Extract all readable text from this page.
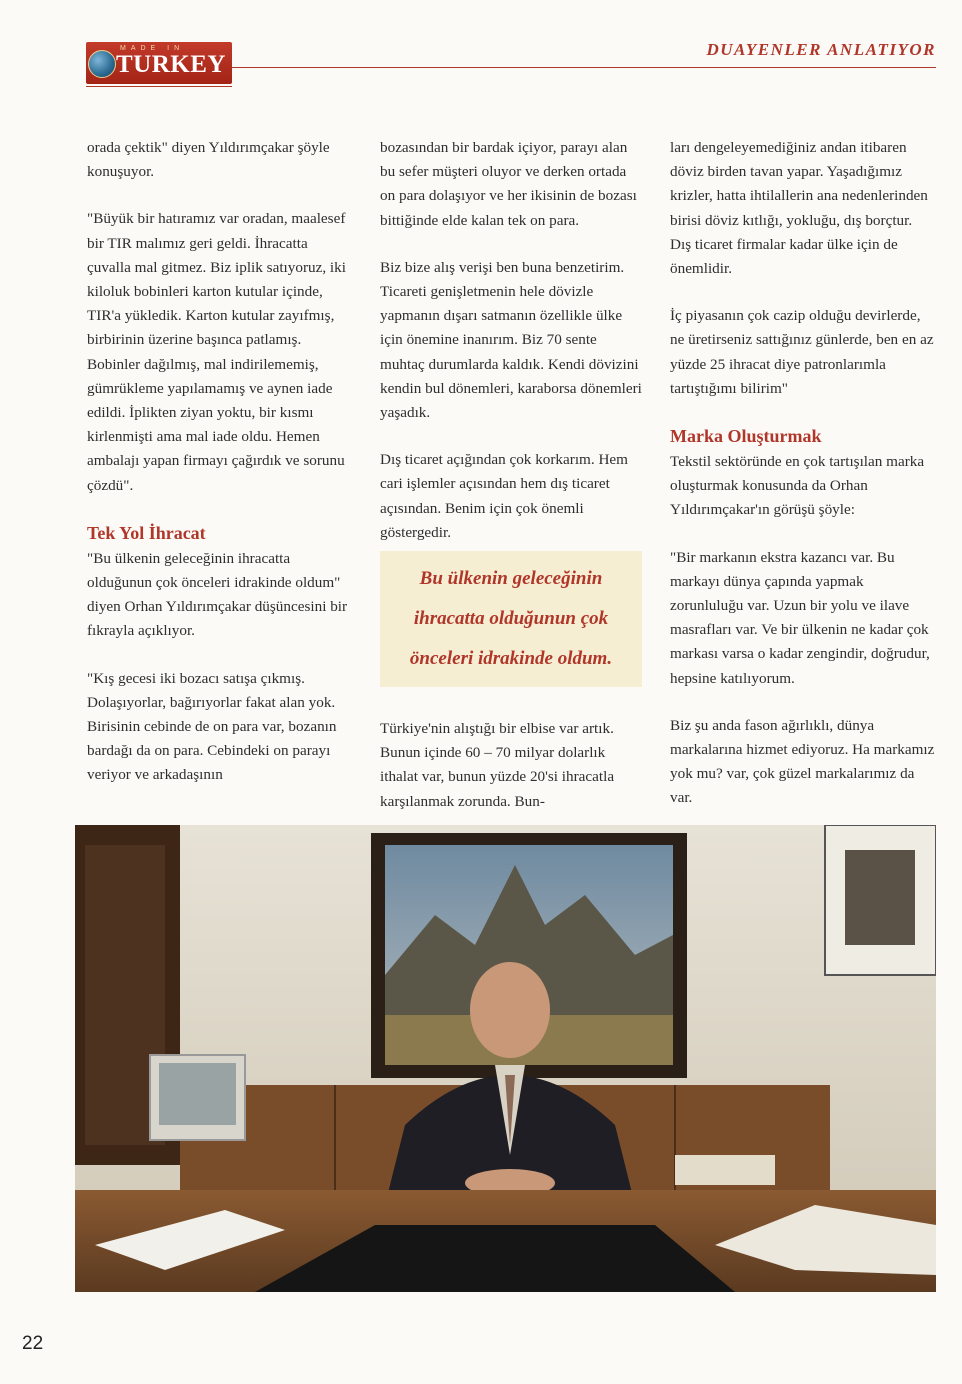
MADE IN
TURKEY
DUAYENLER ANLATIYOR

orada çektik" diyen Yıldırımçakar şöyle konuşuyor.

"Büyük bir hatıramız var oradan, maalesef bir TIR malımız geri geldi. İhracatta çuvalla mal gitmez. Biz iplik satıyoruz, iki kiloluk bobinleri karton kutular içinde, TIR'a yükledik. Karton kutular zayıfmış, birbirinin üzerine başınca patlamış. Bobinler dağılmış, mal indirilememiş, gümrükleme yapılamamış ve aynen iade edildi. İplikten ziyan yoktu, bir kısmı kirlenmişti ama mal iade oldu. Hemen ambalajı yapan firmayı çağırdık ve sorunu çözdü".

Tek Yol İhracat

"Bu ülkenin geleceğinin ihracatta olduğunun çok önceleri idrakinde oldum" diyen Orhan Yıldırımçakar düşüncesini bir fıkrayla açıklıyor.

"Kış gecesi iki bozacı satışa çıkmış. Dolaşıyorlar, bağırıyorlar fakat alan yok. Birisinin cebinde de on para var, bozanın bardağı da on para. Cebindeki on parayı veriyor ve arkadaşının

bozasından bir bardak içiyor, parayı alan bu sefer müşteri oluyor ve derken ortada on para dolaşıyor ve her ikisinin de bozası bittiğinde elde kalan tek on para.

Biz bize alış verişi ben buna benzetirim. Ticareti genişletmenin hele dövizle yapmanın dışarı satmanın özellikle ülke için önemine inanırım. Biz 70 sente muhtaç durumlarda kaldık. Kendi dövizini kendin bul dönemleri, karaborsa dönemleri yaşadık.

Dış ticaret açığından çok korkarım. Hem cari işlemler açısından hem dış ticaret açısından. Benim için çok önemli göstergedir.

Bu ülkenin geleceğinin ihracatta olduğunun çok önceleri idrakinde oldum.

Türkiye'nin alıştığı bir elbise var artık. Bunun içinde 60 – 70 milyar dolarlık ithalat var, bunun yüzde 20'si ihracatla karşılanmak zorunda. Bun-

ları dengeleyemediğiniz andan itibaren döviz birden tavan yapar. Yaşadığımız krizler, hatta ihtilallerin ana nedenlerinden birisi döviz kıtlığı, yokluğu, dış borçtur. Dış ticaret firmalar kadar ülke için de önemlidir.

İç piyasanın çok cazip olduğu devirlerde, ne üretirseniz sattığınız günlerde, ben en az yüzde 25 ihracat diye patronlarımla tartıştığımı bilirim"

Marka Oluşturmak

Tekstil sektöründe en çok tartışılan marka oluşturmak konusunda da Orhan Yıldırımçakar'ın görüşü şöyle:

"Bir markanın ekstra kazancı var. Bu markayı dünya çapında yapmak zorunluluğu var. Uzun bir yolu ve ilave masrafları var. Ve bir ülkenin ne kadar çok markası varsa o kadar zengindir, doğrudur, hepsine katılıyorum.

Biz şu anda fason ağırlıklı, dünya markalarına hizmet ediyoruz. Ha markamız yok mu? var, çok güzel markalarımız da var.

22
